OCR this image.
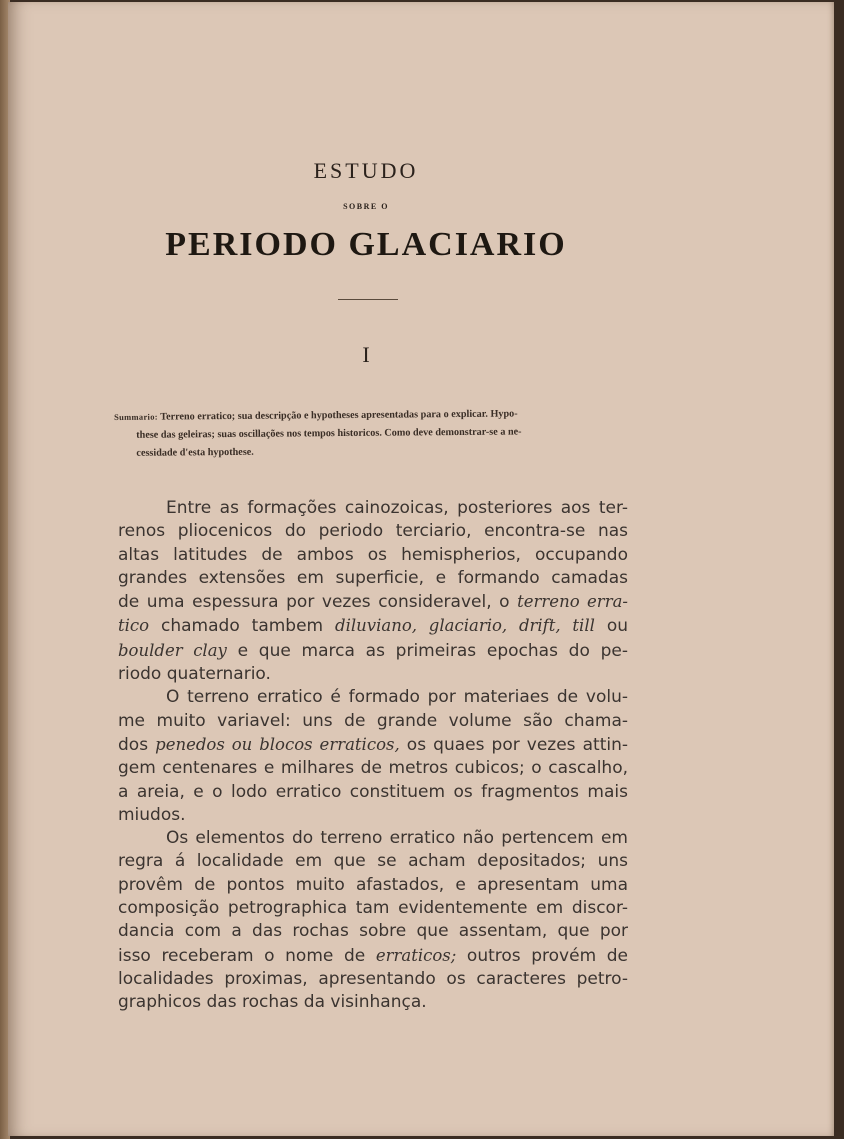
ESTUDO
SOBRE O
PERIODO GLACIARIO
I
Summario: Terreno erratico; sua descripção e hypotheses apresentadas para o explicar. Hypo-
these das geleiras; suas oscillações nos tempos historicos. Como deve demonstrar-se a ne-
cessidade d'esta hypothese.
Entre as formações cainozoicas, posteriores aos ter-
renos pliocenicos do periodo terciario, encontra-se nas
altas latitudes de ambos os hemispherios, occupando
grandes extensões em superficie, e formando camadas
de uma espessura por vezes consideravel, o terreno erra-
tico chamado tambem diluviano, glaciario, drift, till ou
boulder clay e que marca as primeiras epochas do pe-
riodo quaternario.
O terreno erratico é formado por materiaes de volu-
me muito variavel: uns de grande volume são chama-
dos penedos ou blocos erraticos, os quaes por vezes attin-
gem centenares e milhares de metros cubicos; o cascalho,
a areia, e o lodo erratico constituem os fragmentos mais
miudos.
Os elementos do terreno erratico não pertencem em
regra á localidade em que se acham depositados; uns
provêm de pontos muito afastados, e apresentam uma
composição petrographica tam evidentemente em discor-
dancia com a das rochas sobre que assentam, que por
isso receberam o nome de erraticos; outros provém de
localidades proximas, apresentando os caracteres petro-
graphicos das rochas da visinhança.
